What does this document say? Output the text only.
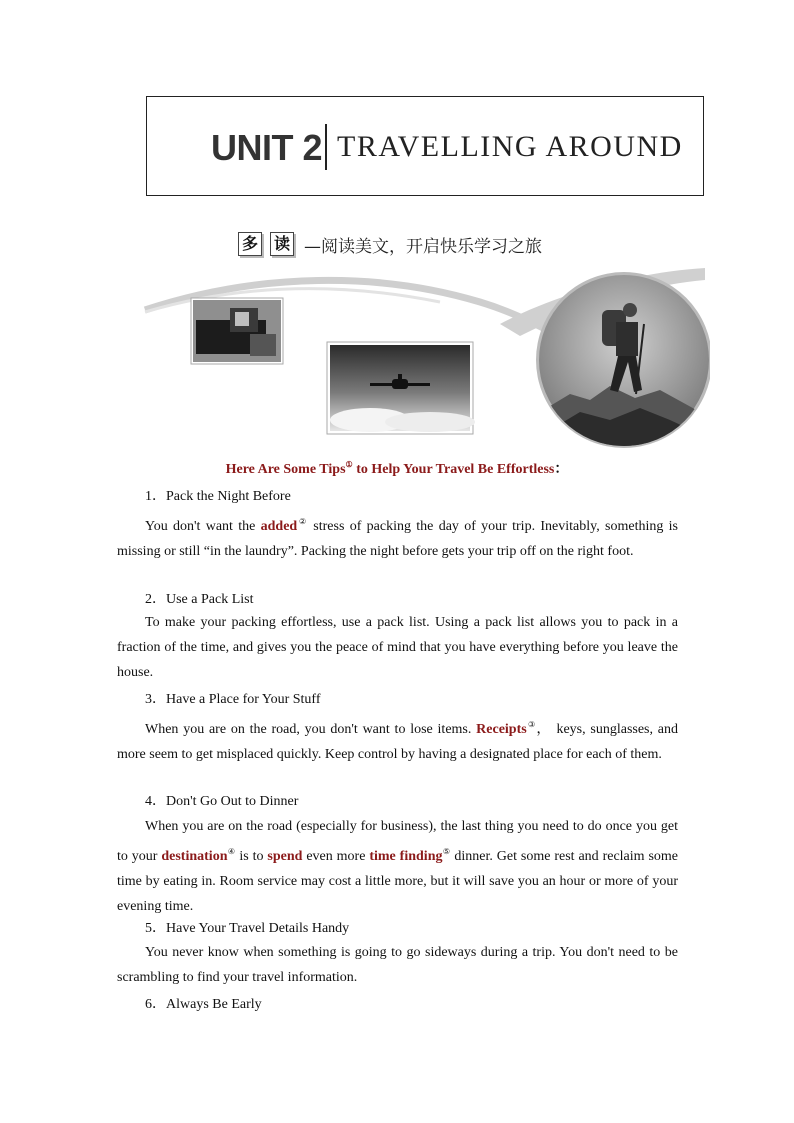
UNIT 2 TRAVELLING AROUND
多 读 —阅读美文，开启快乐学习之旅
Here Are Some Tips① to Help Your Travel Be Effortless：
1．Pack the Night Before
You don't want the added② stress of packing the day of your trip. Inevitably, something is missing or still “in the laundry”. Packing the night before gets your trip off on the right foot.
2．Use a Pack List
To make your packing effortless, use a pack list. Using a pack list allows you to pack in a fraction of the time, and gives you the peace of mind that you have everything before you leave the house.
3．Have a Place for Your Stuff
When you are on the road, you don't want to lose items. Receipts③， keys, sunglasses, and more seem to get misplaced quickly. Keep control by having a designated place for each of them.
4．Don't Go Out to Dinner
When you are on the road (especially for business), the last thing you need to do once you get to your destination④ is to spend even more time finding⑤ dinner. Get some rest and reclaim some time by eating in. Room service may cost a little more, but it will save you an hour or more of your evening time.
5．Have Your Travel Details Handy
You never know when something is going to go sideways during a trip. You don't need to be scrambling to find your travel information.
6．Always Be Early
